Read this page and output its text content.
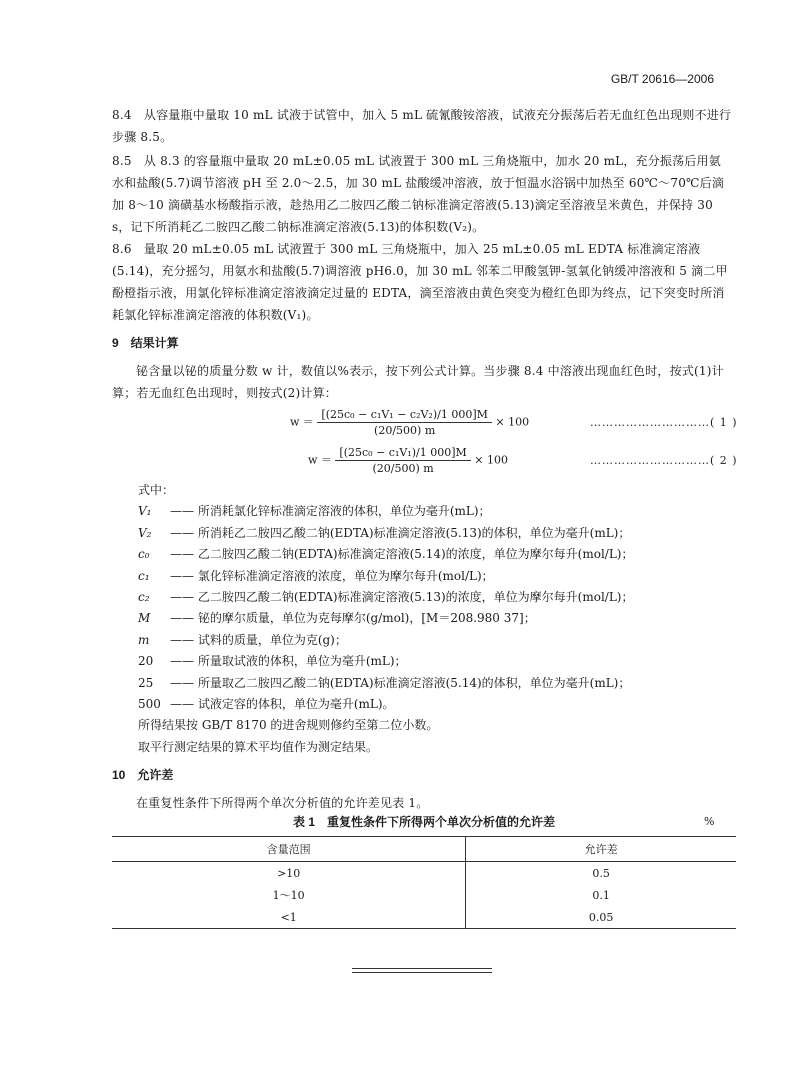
GB/T 20616—2006

8.4　从容量瓶中量取 10 mL 试液于试管中，加入 5 mL 硫氰酸铵溶液，试液充分振荡后若无血红色出现则不进行步骤 8.5。

8.5　从 8.3 的容量瓶中量取 20 mL±0.05 mL 试液置于 300 mL 三角烧瓶中，加水 20 mL，充分振荡后用氨水和盐酸(5.7)调节溶液 pH 至 2.0～2.5，加 30 mL 盐酸缓冲溶液，放于恒温水浴锅中加热至 60℃～70℃后滴加 8～10 滴磺基水杨酸指示液，趁热用乙二胺四乙酸二钠标准滴定溶液(5.13)滴定至溶液呈米黄色，并保持 30 s，记下所消耗乙二胺四乙酸二钠标准滴定溶液(5.13)的体积数(V₂)。

8.6　量取 20 mL±0.05 mL 试液置于 300 mL 三角烧瓶中，加入 25 mL±0.05 mL EDTA 标准滴定溶液(5.14)，充分摇匀，用氨水和盐酸(5.7)调溶液 pH6.0，加 30 mL 邻苯二甲酸氢钾-氢氧化钠缓冲溶液和 5 滴二甲酚橙指示液，用氯化锌标准滴定溶液滴定过量的 EDTA，滴至溶液由黄色突变为橙红色即为终点，记下突变时所消耗氯化锌标准滴定溶液的体积数(V₁)。

9　结果计算

铋含量以铋的质量分数 w 计，数值以%表示，按下列公式计算。当步骤 8.4 中溶液出现血红色时，按式(1)计算；若无血红色出现时，则按式(2)计算：

$w = \frac{\text{[(25c₀ − c₁V₁ − c₂V₂)/1 000]M}}{(20/500) m} \times 100$	…………………………( 1 )
$w = \frac{\text{[(25c₀ − c₁V₁)/1 000]M}}{(20/500) m} \times 100$	…………………………( 2 )

式中：

V₁ —— 所消耗氯化锌标准滴定溶液的体积，单位为毫升(mL)；

V₂ —— 所消耗乙二胺四乙酸二钠(EDTA)标准滴定溶液(5.13)的体积，单位为毫升(mL)；

c₀ —— 乙二胺四乙酸二钠(EDTA)标准滴定溶液(5.14)的浓度，单位为摩尔每升(mol/L)；

c₁ —— 氯化锌标准滴定溶液的浓度，单位为摩尔每升(mol/L)；

c₂ —— 乙二胺四乙酸二钠(EDTA)标准滴定溶液(5.13)的浓度，单位为摩尔每升(mol/L)；

M —— 铋的摩尔质量，单位为克每摩尔(g/mol)，[M＝208.980 37]；

m —— 试料的质量，单位为克(g)；

20 —— 所量取试液的体积，单位为毫升(mL)；

25 —— 所量取乙二胺四乙酸二钠(EDTA)标准滴定溶液(5.14)的体积，单位为毫升(mL)；

500 —— 试液定容的体积，单位为毫升(mL)。

所得结果按 GB/T 8170 的进舍规则修约至第二位小数。

取平行测定结果的算术平均值作为测定结果。

10　允许差

在重复性条件下所得两个单次分析值的允许差见表 1。

表 1　重复性条件下所得两个单次分析值的允许差	%
含量范围	允许差
>10	0.5
1～10	0.1
<1	0.05
